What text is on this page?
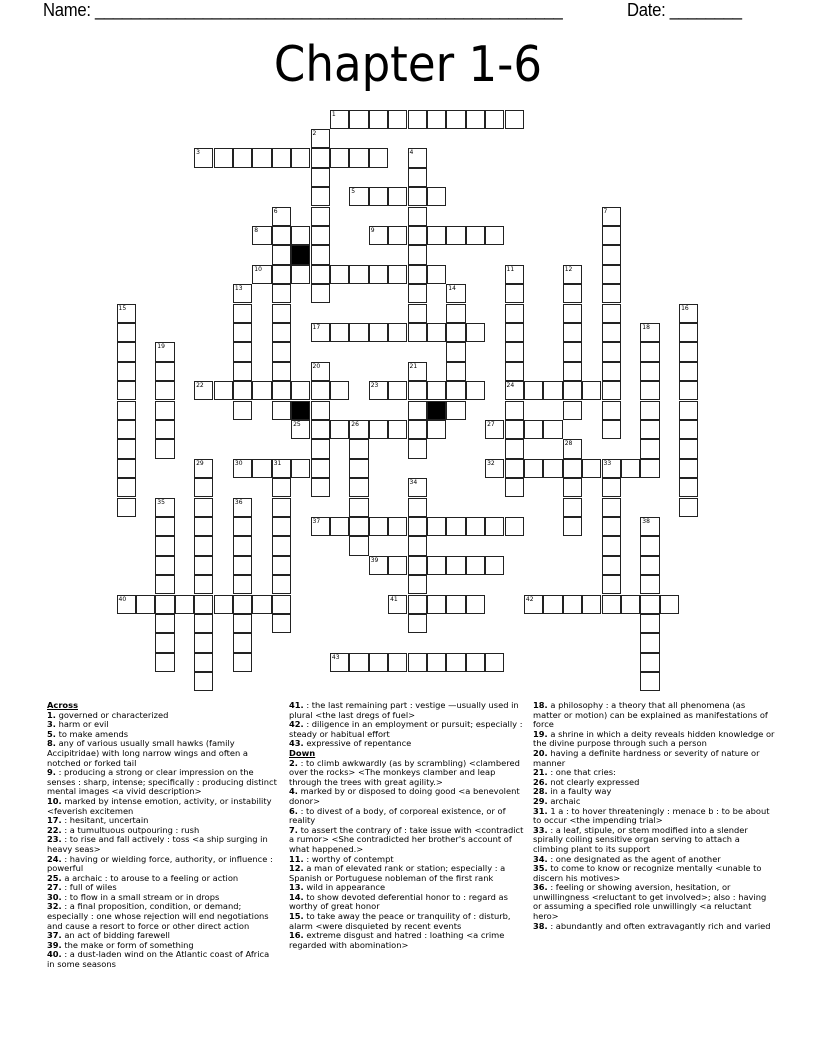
Name: ____________________________________________________	Date: ________
Chapter 1-6
1
3
5
8	9
10
17
22	23	24
25	26	27
30	31	32	33
37
39
40	41	42
43
2
4
6	7
11	12
13	14
15	16
18
19
20	21
28
29
34
35	36
38
Across
1. governed or characterized
3. harm or evil
5. to make amends
8. any of various usually small hawks (family Accipitridae) with long narrow wings and often a notched or forked tail
9. : producing a strong or clear impression on the senses : sharp, intense; specifically : producing distinct mental images <a vivid description>
10. marked by intense emotion, activity, or instability <feverish excitemen
17. : hesitant, uncertain
22. : a tumultuous outpouring : rush
23. : to rise and fall actively : toss <a ship surging in heavy seas>
24. : having or wielding force, authority, or influence : powerful
25. a archaic : to arouse to a feeling or action
27. : full of wiles
30. : to flow in a small stream or in drops
32. : a final proposition, condition, or demand; especially : one whose rejection will end negotiations and cause a resort to force or other direct action
37. an act of bidding farewell
39. the make or form of something
40. : a dust-laden wind on the Atlantic coast of Africa in some seasons
41. : the last remaining part : vestige —usually used in plural <the last dregs of fuel>
42. : diligence in an employment or pursuit; especially : steady or habitual effort
43. expressive of repentance
Down
2. : to climb awkwardly (as by scrambling) <clambered over the rocks> <The monkeys clamber and leap through the trees with great agility.>
4. marked by or disposed to doing good <a benevolent donor>
6. : to divest of a body, of corporeal existence, or of reality
7. to assert the contrary of : take issue with <contradict a rumor> <She contradicted her brother's account of what happened.>
11. : worthy of contempt
12. a man of elevated rank or station; especially : a Spanish or Portuguese nobleman of the first rank
13. wild in appearance
14. to show devoted deferential honor to : regard as worthy of great honor
15. to take away the peace or tranquility of : disturb, alarm <were disquieted by recent events
16. extreme disgust and hatred : loathing <a crime regarded with abomination>
18. a philosophy : a theory that all phenomena (as matter or motion) can be explained as manifestations of force
19. a shrine in which a deity reveals hidden knowledge or the divine purpose through such a person
20. having a definite hardness or severity of nature or manner
21. : one that cries:
26. not clearly expressed
28. in a faulty way
29. archaic
31. 1 a : to hover threateningly : menace b : to be about to occur <the impending trial>
33. : a leaf, stipule, or stem modified into a slender spirally coiling sensitive organ serving to attach a climbing plant to its support
34. : one designated as the agent of another
35. to come to know or recognize mentally <unable to discern his motives>
36. : feeling or showing aversion, hesitation, or unwillingness <reluctant to get involved>; also : having or assuming a specified role unwillingly <a reluctant hero>
38. : abundantly and often extravagantly rich and varied
